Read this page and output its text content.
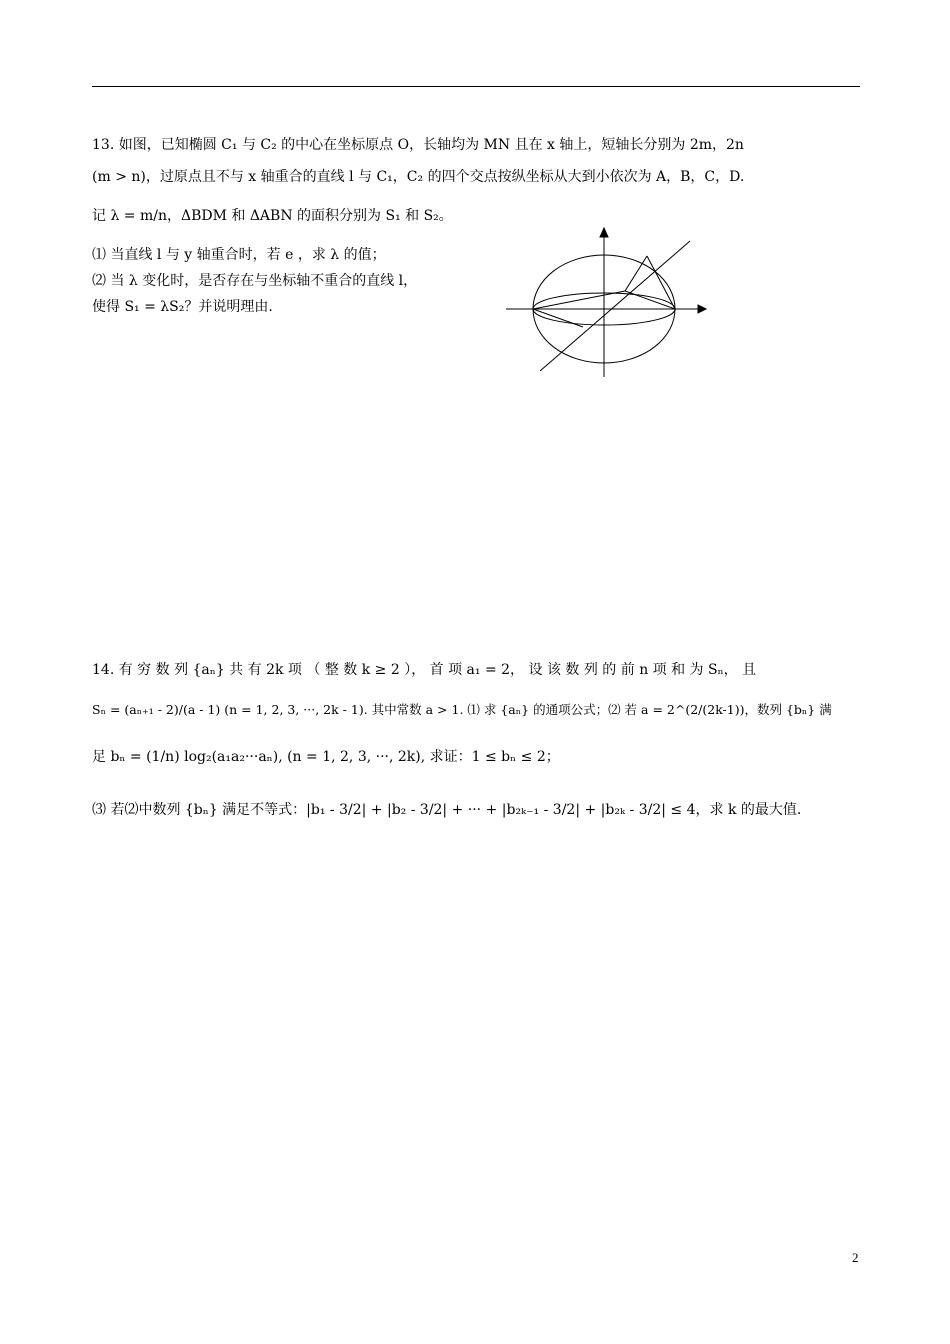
13. 如图，已知椭圆 C₁ 与 C₂ 的中心在坐标原点 O，长轴均为 MN 且在 x 轴上，短轴长分别为 2m，2n
(m > n)，过原点且不与 x 轴重合的直线 l 与 C₁，C₂ 的四个交点按纵坐标从大到小依次为 A，B，C，D.
记 λ = m/n，ΔBDM 和 ΔABN 的面积分别为 S₁ 和 S₂。
⑴ 当直线 l 与 y 轴重合时，若 e ，求 λ 的值；
⑵ 当 λ 变化时，是否存在与坐标轴不重合的直线 l，
使得 S₁ = λS₂？并说明理由.
14. 有 穷 数 列 {aₙ} 共 有 2k 项 （ 整 数 k ≥ 2 ）， 首 项 a₁ = 2， 设 该 数 列 的 前 n 项 和 为 Sₙ， 且
Sₙ = (aₙ₊₁ - 2)/(a - 1) (n = 1, 2, 3, ···, 2k - 1). 其中常数 a > 1. ⑴ 求 {aₙ} 的通项公式；⑵ 若 a = 2^(2/(2k-1))，数列 {bₙ} 满
足 bₙ = (1/n) log₂(a₁a₂···aₙ), (n = 1, 2, 3, ···, 2k), 求证：1 ≤ bₙ ≤ 2；
⑶ 若⑵中数列 {bₙ} 满足不等式：|b₁ - 3/2| + |b₂ - 3/2| + ··· + |b₂ₖ₋₁ - 3/2| + |b₂ₖ - 3/2| ≤ 4，求 k 的最大值.
2
